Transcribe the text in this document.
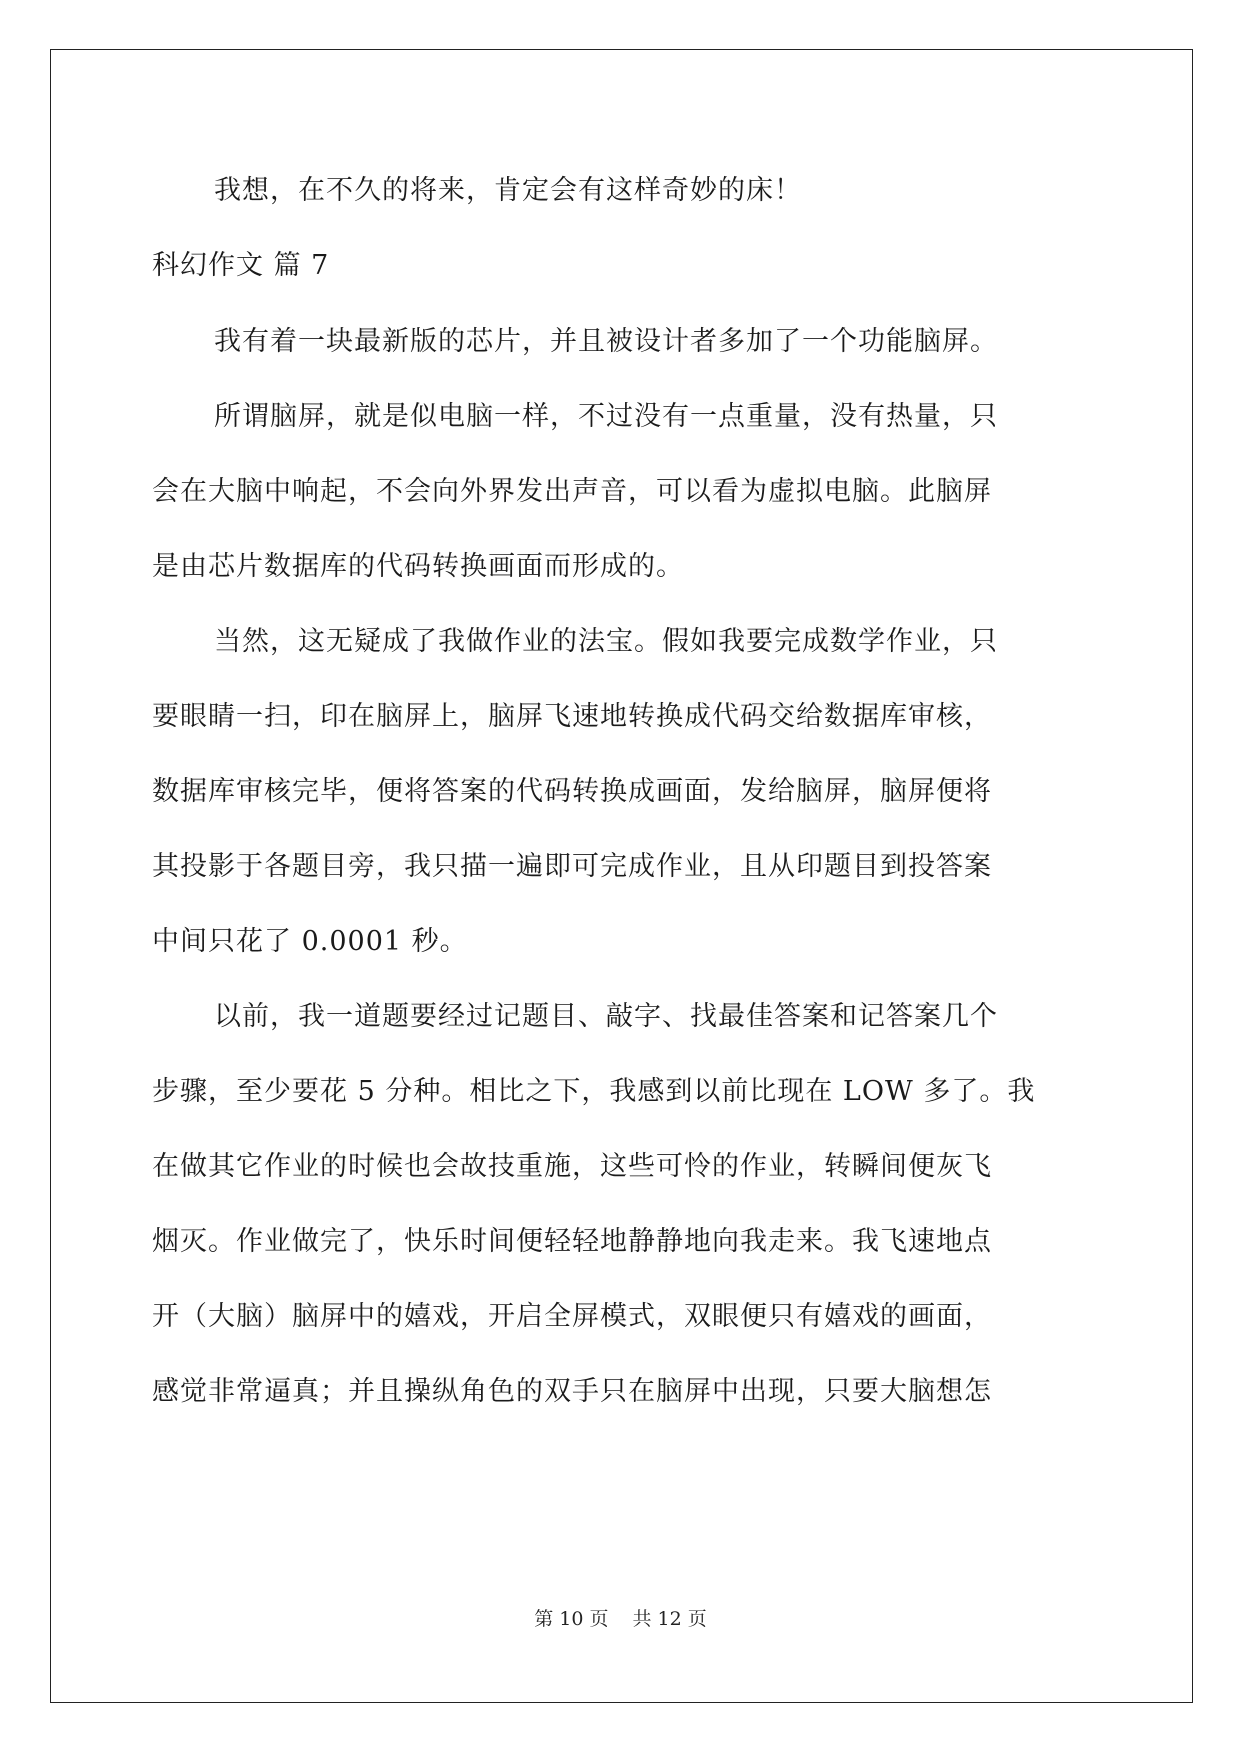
我想，在不久的将来，肯定会有这样奇妙的床！
科幻作文 篇 7
我有着一块最新版的芯片，并且被设计者多加了一个功能脑屏。
所谓脑屏，就是似电脑一样，不过没有一点重量，没有热量，只
会在大脑中响起，不会向外界发出声音，可以看为虚拟电脑。此脑屏
是由芯片数据库的代码转换画面而形成的。
当然，这无疑成了我做作业的法宝。假如我要完成数学作业，只
要眼睛一扫，印在脑屏上，脑屏飞速地转换成代码交给数据库审核，
数据库审核完毕，便将答案的代码转换成画面，发给脑屏，脑屏便将
其投影于各题目旁，我只描一遍即可完成作业，且从印题目到投答案
中间只花了 0.0001 秒。
以前，我一道题要经过记题目、敲字、找最佳答案和记答案几个
步骤，至少要花 5 分种。相比之下，我感到以前比现在 LOW 多了。我
在做其它作业的时候也会故技重施，这些可怜的作业，转瞬间便灰飞
烟灭。作业做完了，快乐时间便轻轻地静静地向我走来。我飞速地点
开（大脑）脑屏中的嬉戏，开启全屏模式，双眼便只有嬉戏的画面，
感觉非常逼真；并且操纵角色的双手只在脑屏中出现，只要大脑想怎
第 10 页 共 12 页
